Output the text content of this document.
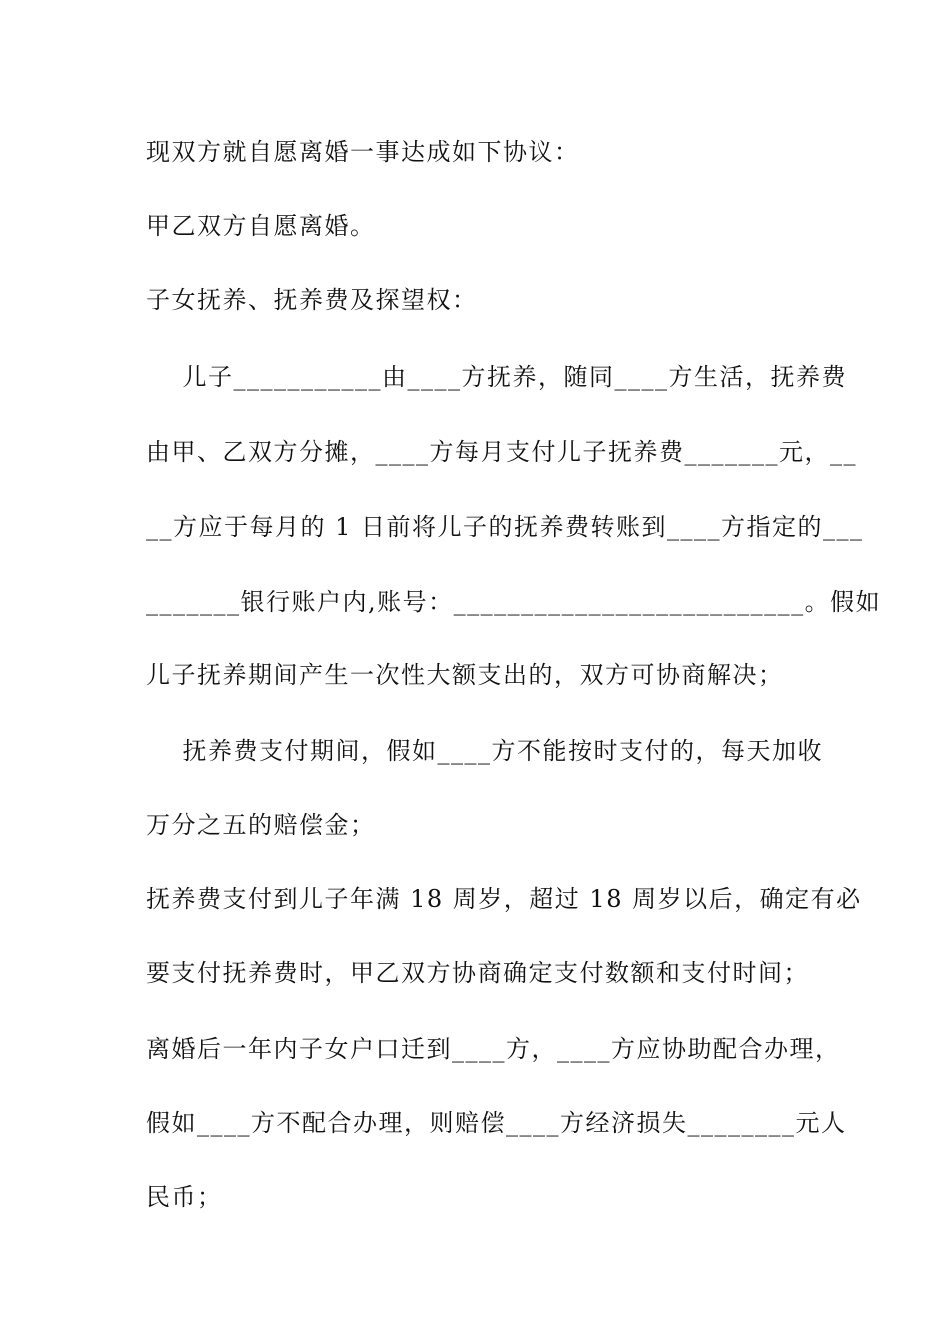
现双方就自愿离婚一事达成如下协议：
甲乙双方自愿离婚。
子女抚养、抚养费及探望权：
儿子___________由____方抚养，随同____方生活，抚养费
由甲、乙双方分摊，____方每月支付儿子抚养费_______元，__
__方应于每月的 1 日前将儿子的抚养费转账到____方指定的___
_______银行账户内,账号：__________________________。假如
儿子抚养期间产生一次性大额支出的，双方可协商解决；
抚养费支付期间，假如____方不能按时支付的，每天加收
万分之五的赔偿金；
抚养费支付到儿子年满 18 周岁，超过 18 周岁以后，确定有必
要支付抚养费时，甲乙双方协商确定支付数额和支付时间；
离婚后一年内子女户口迁到____方，____方应协助配合办理，
假如____方不配合办理，则赔偿____方经济损失________元人
民币；
